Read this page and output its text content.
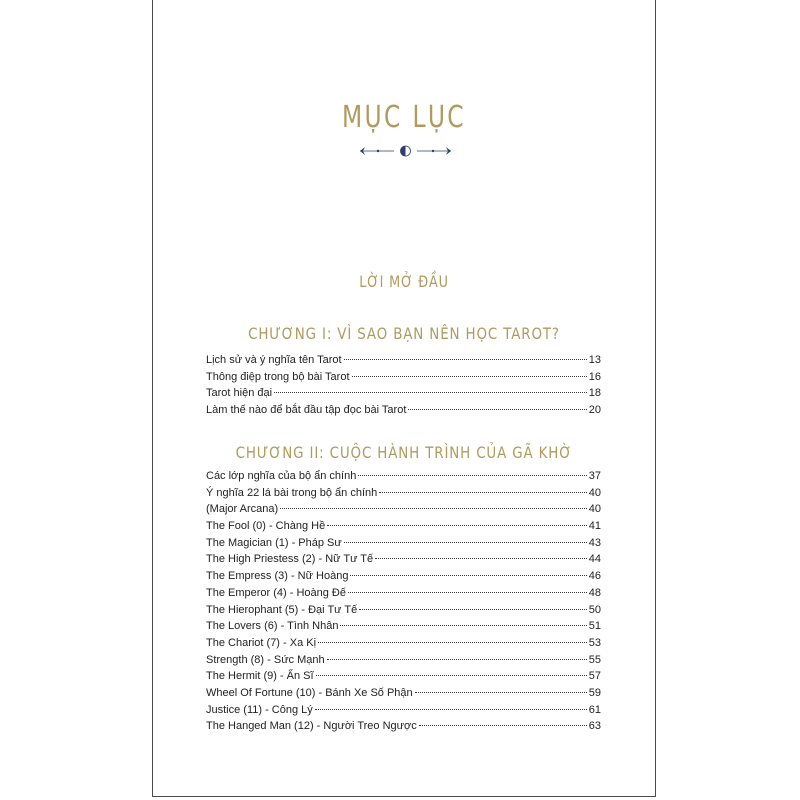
MỤC LỤC
LỜI MỞ ĐẦU
CHƯƠNG I: VÌ SAO BẠN NÊN HỌC TAROT?
Lịch sử và ý nghĩa tên Tarot	13
Thông điệp trong bộ bài Tarot	16
Tarot hiện đại	18
Làm thế nào để bắt đầu tập đọc bài Tarot	20
CHƯƠNG II: CUỘC HÀNH TRÌNH CỦA GÃ KHỜ
Các lớp nghĩa của bộ ẩn chính	37
Ý nghĩa 22 lá bài trong bộ ẩn chính	40
(Major Arcana)	40
The Fool (0) - Chàng Hề	41
The Magician (1) - Pháp Sư	43
The High Priestess (2) - Nữ Tư Tế	44
The Empress (3) - Nữ Hoàng	46
The Emperor (4) - Hoàng Đế	48
The Hierophant (5) - Đại Tư Tế	50
The Lovers (6) - Tình Nhân	51
The Chariot (7) - Xa Kị	53
Strength (8) - Sức Mạnh	55
The Hermit (9) - Ẩn Sĩ	57
Wheel Of Fortune (10) - Bánh Xe Số Phận	59
Justice (11) - Công Lý	61
The Hanged Man (12) - Người Treo Ngược	63
